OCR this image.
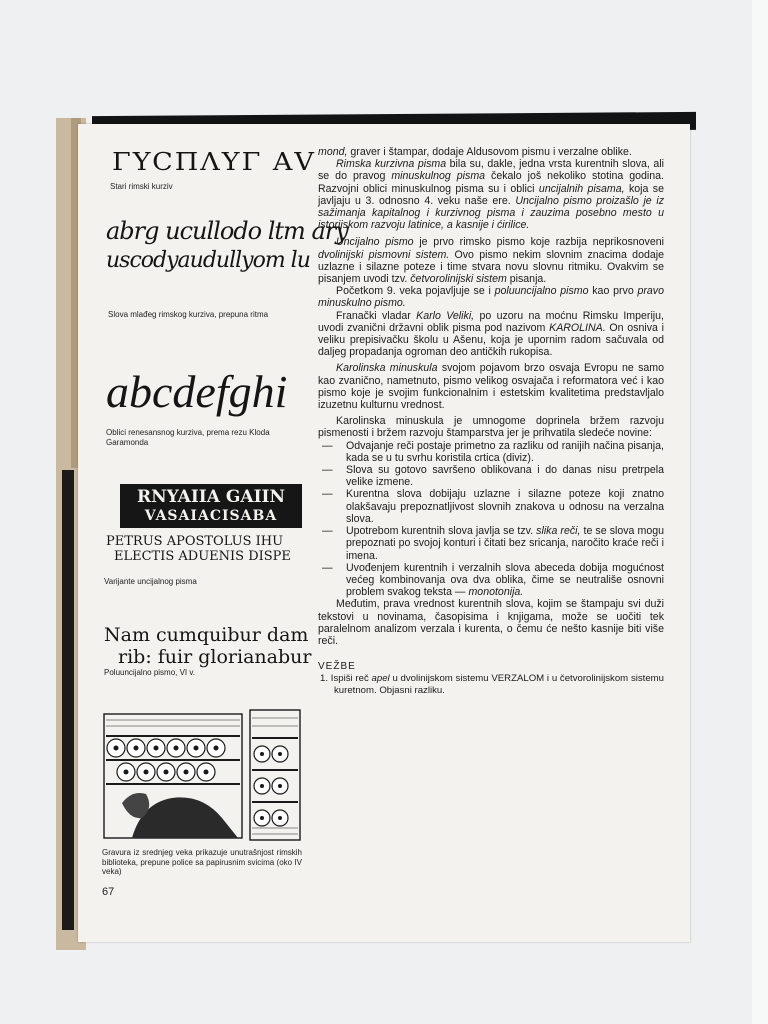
ΓYCΠΛΥΓ ΑV
Stari rimski kurziv
abrg ucullodo ltm ary
uscodyaudullyom lu
Slova mlađeg rimskog kurziva, prepuna ritma
abcdefghi
Oblici renesansnog kurziva, prema rezu Kloda Garamonda
RNYAIIA GAIIN
VASAIACISABA
PETRUS APOSTOLUS IHU
ELECTIS ADUENIS DISPE
Varijante uncijalnog pisma
Nam cumquibur dam
rib: fuir glorianabur
Poluuncijalno pismo, VI v.
Gravura iz srednjeg veka prikazuje unutrašnjost rimskih biblioteka, prepune police sa papirusnim svicima (oko IV veka)
67

mond, graver i štampar, dodaje Aldusovom pismu i verzalne oblike.

Rimska kurzivna pisma bila su, dakle, jedna vrsta kurentnih slova, ali se do pravog minuskulnog pisma čekalo još nekoliko stotina godina. Razvojni oblici minuskulnog pisma su i oblici uncijalnih pisama, koja se javljaju u 3. odnosno 4. veku naše ere. Uncijalno pismo proizašlo je iz sažimanja kapitalnog i kurzivnog pisma i zauzima posebno mesto u istorijskom razvoju latinice, a kasnije i ćirilice.

Uncijalno pismo je prvo rimsko pismo koje razbija neprikosnoveni dvolinijski pismovni sistem. Ovo pismo nekim slovnim znacima dodaje uzlazne i silazne poteze i time stvara novu slovnu ritmiku. Ovakvim se pisanjem uvodi tzv. četvorolinijski sistem pisanja.

Početkom 9. veka pojavljuje se i poluuncijalno pismo kao prvo pravo minuskulno pismo.

Franački vladar Karlo Veliki, po uzoru na moćnu Rimsku Imperiju, uvodi zvanični državni oblik pisma pod nazivom KAROLINA. On osniva i veliku prepisivačku školu u Ašenu, koja je upornim radom sačuvala od daljeg propadanja ogroman deo antičkih rukopisa.

Karolinska minuskula svojom pojavom brzo osvaja Evropu ne samo kao zvanično, nametnuto, pismo velikog osvajača i reformatora već i kao pismo koje je svojim funkcionalnim i estetskim kvalitetima predstavljalo izuzetnu kulturnu vrednost.

Karolinska minuskula je umnogome doprinela bržem razvoju pismenosti i bržem razvoju štamparstva jer je prihvatila sledeće novine:

— Odvajanje reči postaje primetno za razliku od ranijih načina pisanja, kada se u tu svrhu koristila crtica (diviz).
— Slova su gotovo savršeno oblikovana i do danas nisu pretrpela velike izmene.
— Kurentna slova dobijaju uzlazne i silazne poteze koji znatno olakšavaju prepoznatljivost slovnih znakova u odnosu na verzalna slova.
— Upotrebom kurentnih slova javlja se tzv. slika reči, te se slova mogu prepoznati po svojoj konturi i čitati bez sricanja, naročito kraće reči i imena.
— Uvođenjem kurentnih i verzalnih slova abeceda dobija mogućnost većeg kombinovanja ova dva oblika, čime se neutrališe osnovni problem svakog teksta — monotonija.

Međutim, prava vrednost kurentnih slova, kojim se štampaju svi duži tekstovi u novinama, časopisima i knjigama, može se uočiti tek paralelnom analizom verzala i kurenta, o čemu će nešto kasnije biti više reči.

VEŽBE

1. Ispiši reč apel u dvolinijskom sistemu VERZALOM i u četvorolinijskom sistemu kuretnom. Objasni razliku.
